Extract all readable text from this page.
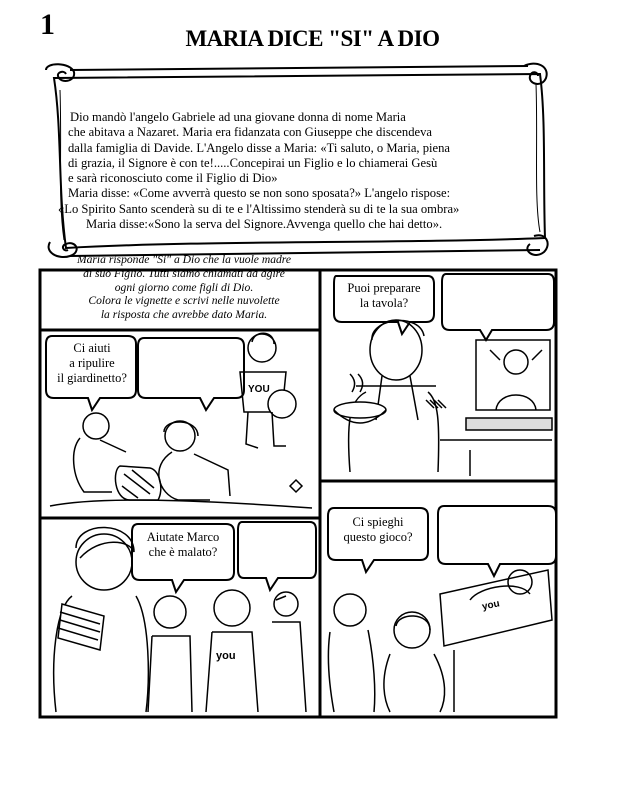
1	MARIA DICE "SI" A DIO
Dio mandò l'angelo Gabriele ad una giovane donna di nome Maria
che abitava a Nazaret. Maria era fidanzata con Giuseppe che discendeva
dalla famiglia di Davide. L'Angelo disse a Maria: «Ti saluto, o Maria, piena
di grazia, il Signore è con te!.....Concepirai un Figlio e lo chiamerai Gesù
e sarà riconosciuto come il Figlio di Dio»
Maria disse: «Come avverrà questo se non sono sposata?» L'angelo rispose:
«Lo Spirito Santo scenderà su di te e l'Altissimo stenderà su di te la sua ombra»
Maria disse:«Sono la serva del Signore.Avvenga quello che hai detto».
Maria risponde "Si" a Dio che la vuole madre
di suo Figlio. Tutti siamo chiamati ad agire
ogni giorno come figli di Dio.
Colora le vignette e scrivi nelle nuvolette
la risposta che avrebbe dato Maria.
Puoi preparare
la tavola?
Ci aiuti
a ripulire
il giardinetto?
Aiutate Marco
che è malato?
Ci spieghi
questo gioco?
YOU
you
you
